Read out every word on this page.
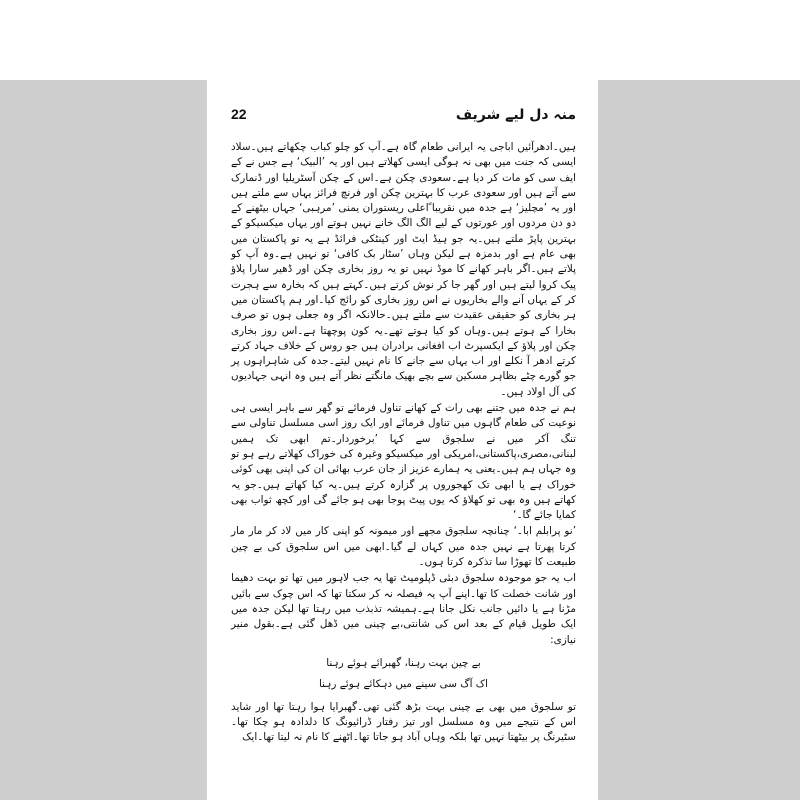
منہ دل لیے شریف
22

ہیں۔ادھرآئیں اباجی یہ ایرانی طعام گاہ ہے۔آپ کو چلو کباب چکھاتے ہیں۔سلاد ایسی کہ جنت میں بھی نہ ہوگی ایسی کھلاتے ہیں اور یہ ’البیک‘ ہے جس نے کے ایف سی کو مات کر دیا ہے۔سعودی چکن ہے۔اس کے چکن آسٹریلیا اور ڈنمارک سے آتے ہیں اور سعودی عرب کا بہترین چکن اور فرنچ فرائز یہاں سے ملتے ہیں اور یہ ’مچلیز‘ ہے جدہ میں نقریبا ًاعلی ریستوران یمنی ’مرہبی‘ جہاں بیٹھنے کے دو دن مردوں اور عورتوں کے لیے الگ الگ خانے نہیں ہوتے اور یہاں میکسیکو کے بہترین پاپڑ ملتے ہیں۔یہ جو ہیڈ ایٹ اور کینٹکی فرائڈ ہے یہ تو پاکستان میں بھی عام ہے اور بدمزہ ہے لیکن وہاں ’سٹار بک کافی‘ تو نہیں ہے۔وہ آپ کو پلاتے ہیں۔اگر باہر کھانے کا موڈ نہیں تو یہ روز بخاری چکن اور ڈھیر سارا پلاؤ پیک کروا لیتے ہیں اور گھر جا کر نوش کرتے ہیں۔کہتے ہیں کہ بخارہ سے ہجرت کر کے یہاں آنے والے بخاریوں نے اس روز بخاری کو رائج کیا۔اور ہم پاکستان میں ہر بخاری کو حقیقی عقیدت سے ملتے ہیں۔حالانکہ اگر وہ جعلی ہوں تو صرف بخارا کے ہوتے ہیں۔وہاں کو کیا ہوتے تھے۔یہ کون پوچھتا ہے۔اس روز بخاری چکن اور پلاؤ کے ایکسپرٹ اب افغانی برادران ہیں جو روس کے خلاف جہاد کرتے کرتے ادھر آ نکلے اور اب یہاں سے جانے کا نام نہیں لیتے۔جدہ کی شاہراہوں پر جو گورے چٹے بظاہر مسکین سے بچے بھیک مانگتے نظر آتے ہیں وہ انہی جہادیوں کی آل اولاد ہیں۔

ہم نے جدہ میں جتنے بھی رات کے کھانے تناول فرمائے تو گھر سے باہر ایسی ہی نوعیت کی طعام گاہوں میں تناول فرمائے اور ایک روز اسی مسلسل تناولی سے تنگ آکر میں نے سلجوق سے کہا ’برخوردار۔تم ابھی تک ہمیں لبنانی،مصری،پاکستانی،امریکی اور میکسیکو وغیرہ کی خوراک کھلاتے رہے ہو تو وہ جہاں ہم ہیں۔یعنی یہ ہمارے عزیز از جان عرب بھائی ان کی اپنی بھی کوئی خوراک ہے یا ابھی تک کھجوروں پر گزارہ کرتے ہیں۔یہ کیا کھاتے ہیں۔جو یہ کھاتے ہیں وہ بھی تو کھلاؤ کہ یوں پیٹ پوجا بھی ہو جائے گی اور کچھ ثواب بھی کمایا جائے گا۔‘

’نو پرابلم ابا۔‘ چنانچہ سلجوق مجھے اور میمونہ کو اپنی کار میں لاد کر مار مار کرتا پھرتا ہے نہیں جدہ میں کہاں لے گیا۔ابھی میں اس سلجوق کی بے چین طبیعت کا تھوڑا سا تذکرہ کرتا ہوں۔

اب یہ جو موجودہ سلجوق دبئی ڈپلومیٹ تھا یہ جب لاہور میں تھا تو بہت دھیما اور شانت خصلت کا تھا۔اپنے آپ یہ فیصلہ نہ کر سکتا تھا کہ اس چوک سے بائیں مڑنا ہے یا دائیں جانب نکل جانا ہے۔ہمیشہ تذبذب میں رہتا تھا لیکن جدہ میں ایک طویل قیام کے بعد اس کی شانتی،بے چینی میں ڈھل گئی ہے۔بقول منیر نیازی:

بے چین بہت رہنا، گھبرائے ہوئے رہنا
اک آگ سی سینے میں دہکائے ہوئے رہنا

تو سلجوق میں بھی بے چینی بہت بڑھ گئی تھی۔گھبرایا ہوا رہتا تھا اور شاید اس کے نتیجے میں وہ مسلسل اور تیز رفتار ڈرائیونگ کا دلدادہ ہو چکا تھا۔سٹیرنگ پر بیٹھتا نہیں تھا بلکہ وہاں آباد ہو جاتا تھا۔اٹھنے کا نام نہ لیتا تھا۔ایک
